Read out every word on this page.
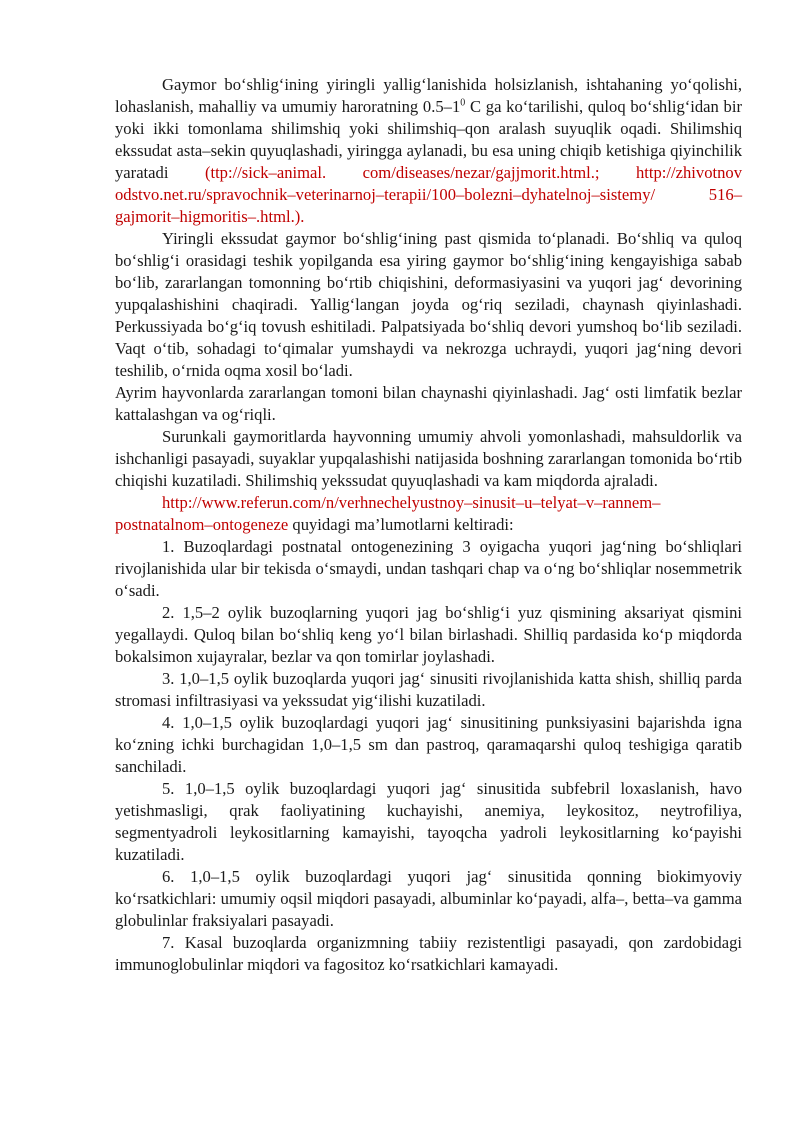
Gaymor bo‘shlig‘ining yiringli yallig‘lanishida holsizlanish, ishtahaning yo‘qolishi, lohaslanish, mahalliy va umumiy haroratning $0.5-1^0$ C ga ko‘tarilishi, quloq bo‘shlig‘idan bir yoki ikki tomonlama shilimshiq yoki shilimshiq–qon aralash suyuqlik oqadi. Shilimshiq ekssudat asta–sekin quyuqlashadi, yiringga aylanadi, bu esa uning chiqib ketishiga qiyinchilik yaratadi (ttp://sick–animal. com/diseases/nezar/gajjmorit.html.; http://zhivotnov odstvo.net.ru/spravochnik–veterinarnoj–terapii/100–bolezni–dyhatelnoj–sistemy/ 516–gajmorit–higmoritis–.html.).

Yiringli ekssudat gaymor bo‘shlig‘ining past qismida to‘planadi. Bo‘shliq va quloq bo‘shlig‘i orasidagi teshik yopilganda esa yiring gaymor bo‘shlig‘ining kengayishiga sabab bo‘lib, zararlangan tomonning bo‘rtib chiqishini, deformasiyasini va yuqori jag‘ devorining yupqalashishini chaqiradi. Yallig‘langan joyda og‘riq seziladi, chaynash qiyinlashadi. Perkussiyada bo‘g‘iq tovush eshitiladi. Palpatsiyada bo‘shliq devori yumshoq bo‘lib seziladi. Vaqt o‘tib, sohadagi to‘qimalar yumshaydi va nekrozga uchraydi, yuqori jag‘ning devori teshilib, o‘rnida oqma xosil bo‘ladi.

Ayrim hayvonlarda zararlangan tomoni bilan chaynashi qiyinlashadi. Jag‘ osti limfatik bezlar kattalashgan va og‘riqli.

Surunkali gaymoritlarda hayvonning umumiy ahvoli yomonlashadi, mahsuldorlik va ishchanligi pasayadi, suyaklar yupqalashishi natijasida boshning zararlangan tomonida bo‘rtib chiqishi kuzatiladi. Shilimshiq yekssudat quyuqlashadi va kam miqdorda ajraladi.

http://www.referun.com/n/verhnechelyustnoy–sinusit–u–telyat–v–rannem–postnatalnom–ontogeneze quyidagi ma’lumotlarni keltiradi:

1. Buzoqlardagi postnatal ontogenezining 3 oyigacha yuqori jag‘ning bo‘shliqlari rivojlanishida ular bir tekisda o‘smaydi, undan tashqari chap va o‘ng bo‘shliqlar nosemmetrik o‘sadi.

2. 1,5–2 oylik buzoqlarning yuqori jag bo‘shlig‘i yuz qismining aksariyat qismini yegallaydi. Quloq bilan bo‘shliq keng yo‘l bilan birlashadi. Shilliq pardasida ko‘p miqdorda bokalsimon xujayralar, bezlar va qon tomirlar joylashadi.

3. 1,0–1,5 oylik buzoqlarda yuqori jag‘ sinusiti rivojlanishida katta shish, shilliq parda stromasi infiltrasiyasi va yekssudat yig‘ilishi kuzatiladi.

4. 1,0–1,5 oylik buzoqlardagi yuqori jag‘ sinusitining punksiyasini bajarishda igna ko‘zning ichki burchagidan 1,0–1,5 sm dan pastroq, qaramaqarshi quloq teshigiga qaratib sanchiladi.

5. 1,0–1,5 oylik buzoqlardagi yuqori jag‘ sinusitida subfebril loxaslanish, havo yetishmasligi, qrak faoliyatining kuchayishi, anemiya, leykositoz, neytrofiliya, segmentyadroli leykositlarning kamayishi, tayoqcha yadroli leykositlarning ko‘payishi kuzatiladi.

6. 1,0–1,5 oylik buzoqlardagi yuqori jag‘ sinusitida qonning biokimyoviy ko‘rsatkichlari: umumiy oqsil miqdori pasayadi, albuminlar ko‘payadi, alfa–, betta–va gamma globulinlar fraksiyalari pasayadi.

7. Kasal buzoqlarda organizmning tabiiy rezistentligi pasayadi, qon zardobidagi immunoglobulinlar miqdori va fagositoz ko‘rsatkichlari kamayadi.
